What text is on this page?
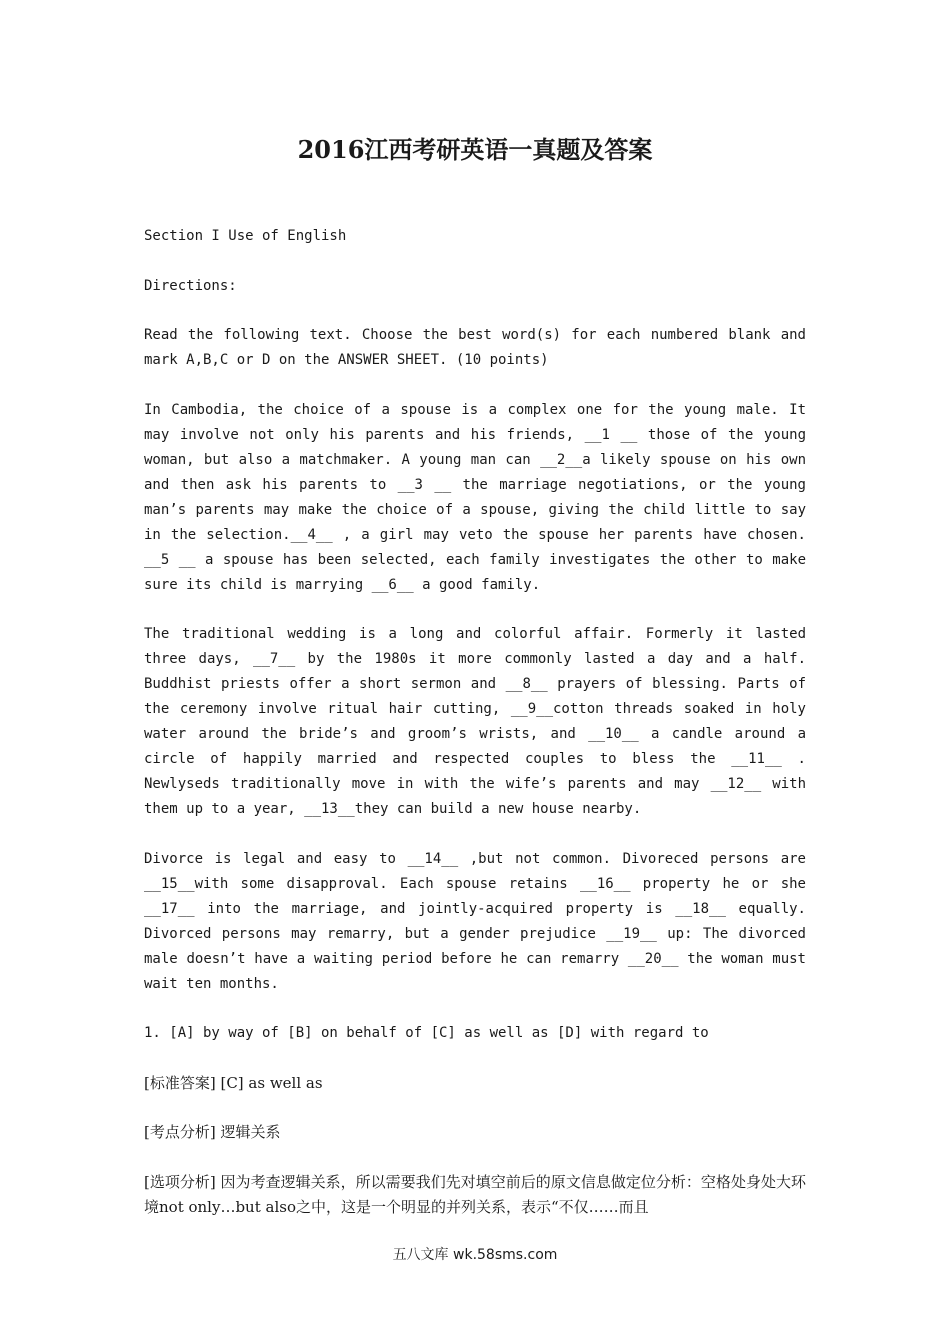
2016江西考研英语一真题及答案

Section I Use of English

Directions:

Read the following text. Choose the best word(s) for each numbered blank and mark A,B,C or D on the ANSWER SHEET. (10 points)

In Cambodia, the choice of a spouse is a complex one for the young male. It may involve not only his parents and his friends, __1 __ those of the young woman, but also a matchmaker. A young man can __2__a likely spouse on his own and then ask his parents to __3 __ the marriage negotiations, or the young man’s parents may make the choice of a spouse, giving the child little to say in the selection.__4__ , a girl may veto the spouse her parents have chosen. __5 __ a spouse has been selected, each family investigates the other to make sure its child is marrying __6__ a good family.

The traditional wedding is a long and colorful affair. Formerly it lasted three days, __7__ by the 1980s it more commonly lasted a day and a half. Buddhist priests offer a short sermon and __8__ prayers of blessing. Parts of the ceremony involve ritual hair cutting, __9__cotton threads soaked in holy water around the bride’s and groom’s wrists, and __10__ a candle around a circle of happily married and respected couples to bless the __11__ . Newlyseds traditionally move in with the wife’s parents and may __12__ with them up to a year, __13__they can build a new house nearby.

Divorce is legal and easy to __14__ ,but not common. Divoreced persons are __15__with some disapproval. Each spouse retains __16__ property he or she __17__ into the marriage, and jointly-acquired property is __18__ equally. Divorced persons may remarry, but a gender prejudice __19__ up: The divorced male doesn’t have a waiting period before he can remarry __20__ the woman must wait ten months.

1. [A] by way of [B] on behalf of [C] as well as [D] with regard to

[标准答案] [C] as well as

[考点分析] 逻辑关系

[选项分析] 因为考查逻辑关系，所以需要我们先对填空前后的原文信息做定位分析：空格处身处大环境not only…but also之中，这是一个明显的并列关系，表示“不仅……而且

五八文库 wk.58sms.com
